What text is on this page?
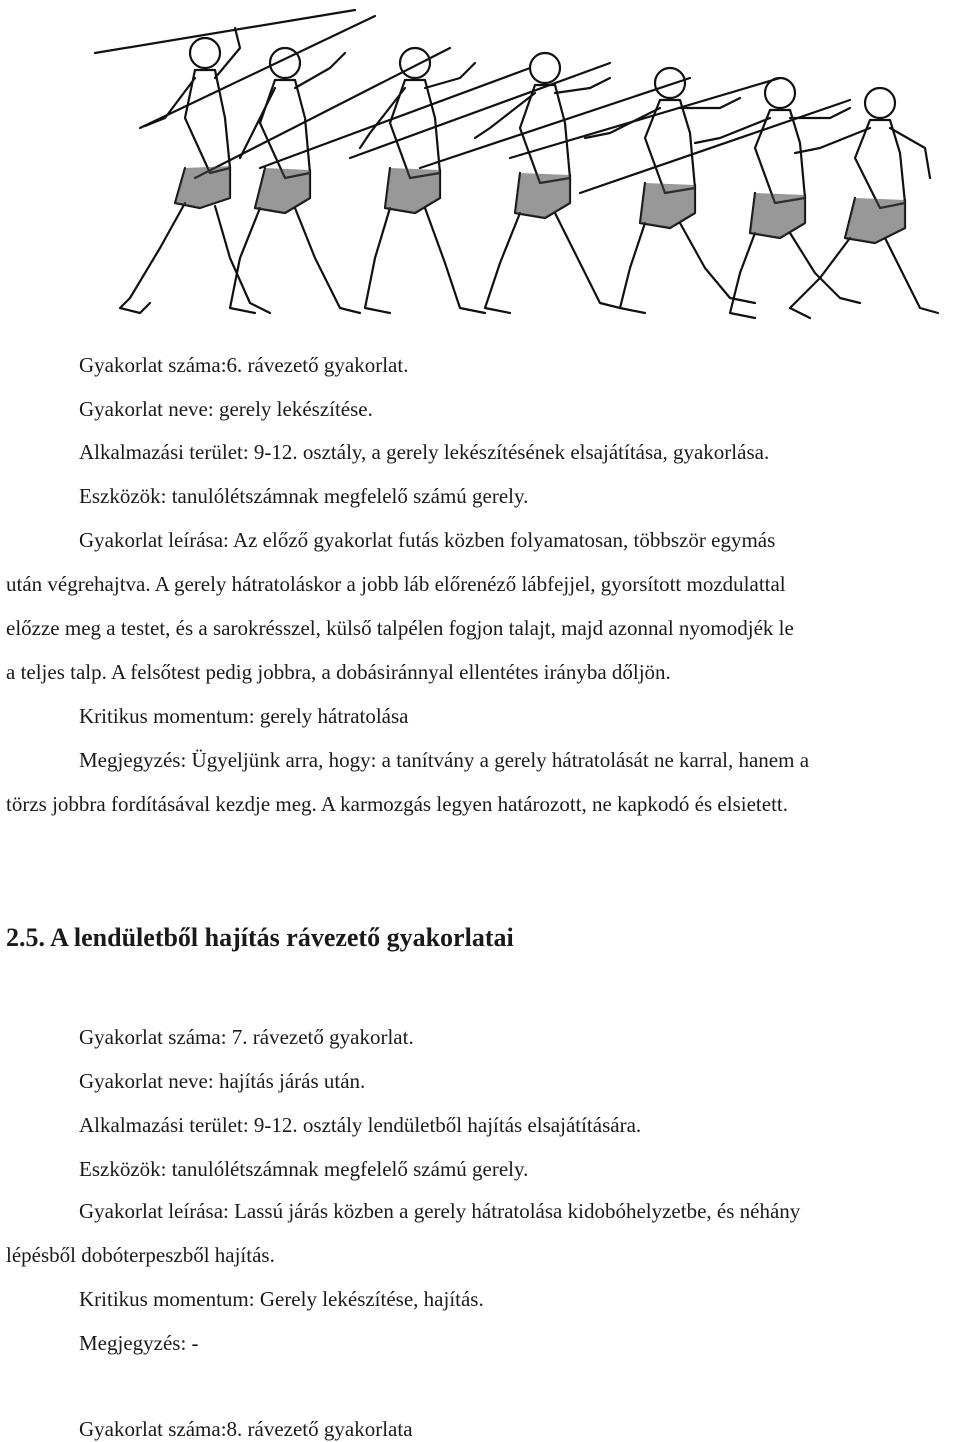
Gyakorlat száma:6. rávezető gyakorlat.
Gyakorlat neve: gerely lekészítése.
Alkalmazási terület: 9-12. osztály, a gerely lekészítésének elsajátítása, gyakorlása.
Eszközök: tanulólétszámnak megfelelő számú gerely.
Gyakorlat leírása: Az előző gyakorlat futás közben folyamatosan, többször egymás
után végrehajtva. A gerely hátratoláskor a jobb láb előrenéző lábfejjel, gyorsított mozdulattal
előzze meg a testet, és a sarokrésszel, külső talpélen fogjon talajt, majd azonnal nyomodjék le
a teljes talp. A felsőtest pedig jobbra, a dobásiránnyal ellentétes irányba dőljön.
Kritikus momentum: gerely hátratolása
Megjegyzés: Ügyeljünk arra, hogy: a tanítvány a gerely hátratolását ne karral, hanem a
törzs jobbra fordításával kezdje meg. A karmozgás legyen határozott, ne kapkodó és elsietett.
2.5. A lendületből hajítás rávezető gyakorlatai
Gyakorlat száma: 7. rávezető gyakorlat.
Gyakorlat neve: hajítás járás után.
Alkalmazási terület: 9-12. osztály lendületből hajítás elsajátítására.
Eszközök: tanulólétszámnak megfelelő számú gerely.
Gyakorlat leírása: Lassú járás közben a gerely hátratolása kidobóhelyzetbe, és néhány
lépésből dobóterpeszből hajítás.
Kritikus momentum: Gerely lekészítése, hajítás.
Megjegyzés: -
Gyakorlat száma:8. rávezető gyakorlata
